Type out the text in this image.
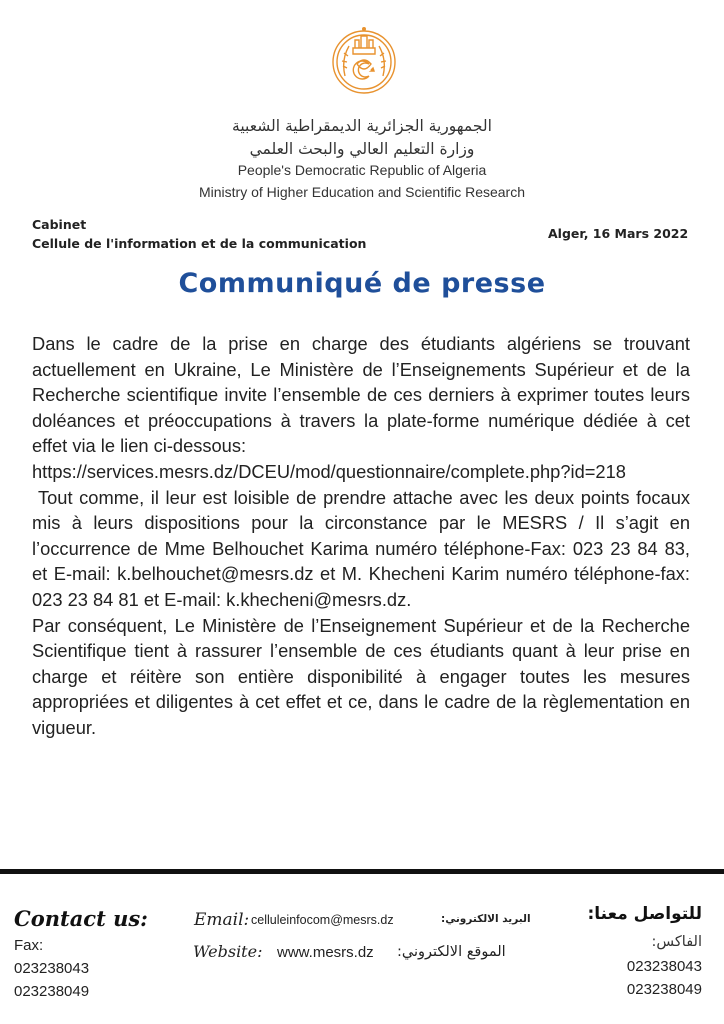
الجمهورية الجزائرية الديمقراطية الشعبية
وزارة التعليم العالي والبحث العلمي
People's Democratic Republic of Algeria
Ministry of Higher Education and Scientific Research
Cabinet
Cellule de l'information et de la communication
Alger, 16 Mars 2022
Communiqué de presse

Dans le cadre de la prise en charge des étudiants algériens se trouvant actuellement en Ukraine, Le Ministère de l’Enseignements Supérieur et de la Recherche scientifique invite l’ensemble de ces derniers à exprimer toutes leurs doléances et préoccupations à travers la plate-forme numérique dédiée à cet effet via le lien ci-dessous:

https://services.mesrs.dz/DCEU/mod/questionnaire/complete.php?id=218

Tout comme, il leur est loisible de prendre attache avec les deux points focaux mis à leurs dispositions pour la circonstance par le MESRS / Il s’agit en l’occurrence de Mme Belhouchet Karima numéro téléphone-Fax: 023 23 84 83, et E-mail: k.belhouchet@mesrs.dz et M. Khecheni Karim numéro téléphone-fax: 023 23 84 81 et E-mail: k.khecheni@mesrs.dz.

Par conséquent, Le Ministère de l’Enseignement Supérieur et de la Recherche Scientifique tient à rassurer l’ensemble de ces étudiants quant à leur prise en charge et réitère son entière disponibilité à engager toutes les mesures appropriées et diligentes à cet effet et ce, dans le cadre de la règlementation en vigueur.

Contact us:
Fax:
023238043
023238049
Email: celluleinfocom@mesrs.dz	البريد الالكتروني:
Website: www.mesrs.dz الموقع الالكتروني:
للتواصل معنا:
الفاكس:
023238043
023238049
